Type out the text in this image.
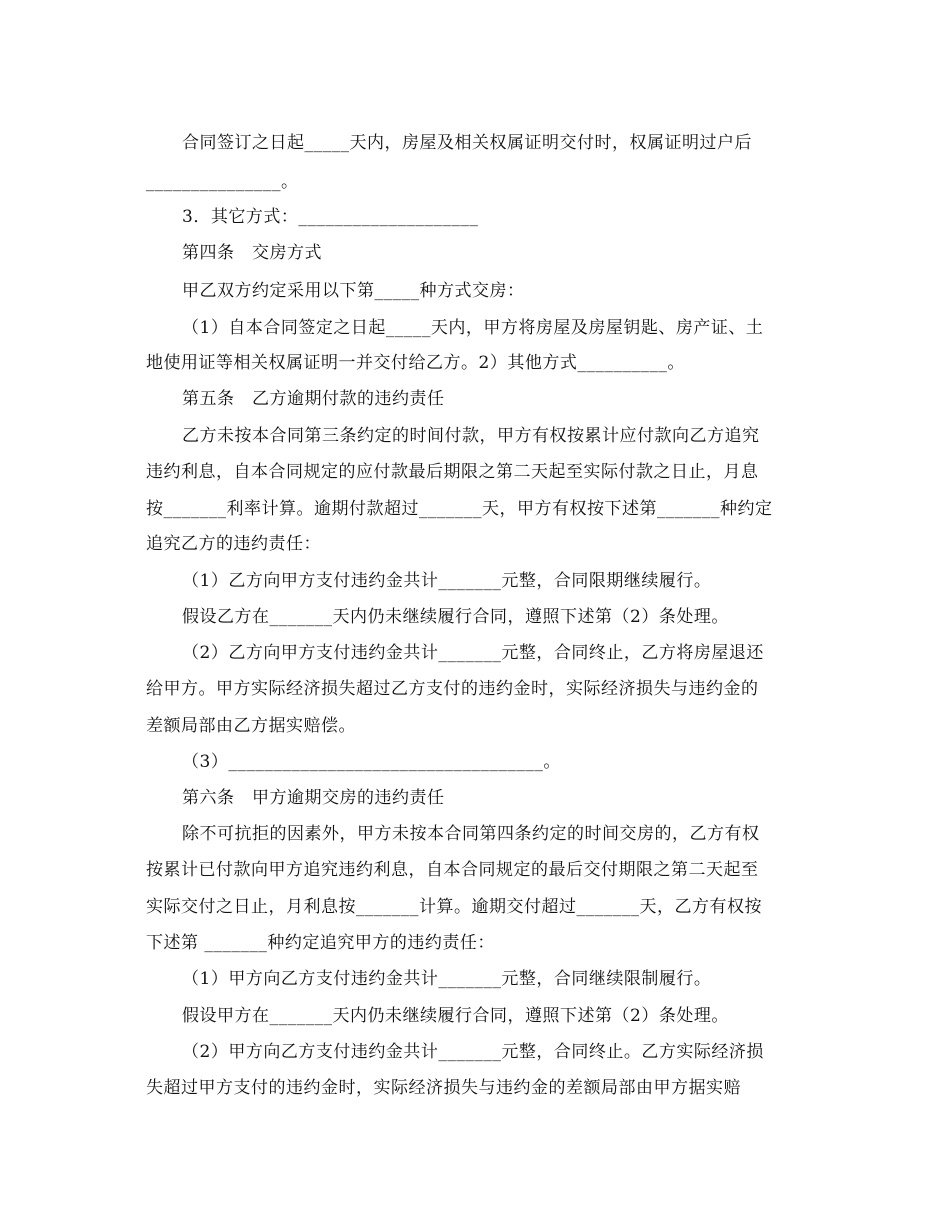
合同签订之日起_____天内，房屋及相关权属证明交付时，权属证明过户后
_______________。
3．其它方式：____________________
第四条　交房方式
甲乙双方约定采用以下第_____种方式交房：
（1）自本合同签定之日起_____天内，甲方将房屋及房屋钥匙、房产证、土
地使用证等相关权属证明一并交付给乙方。2）其他方式__________。
第五条　乙方逾期付款的违约责任
乙方未按本合同第三条约定的时间付款，甲方有权按累计应付款向乙方追究
违约利息，自本合同规定的应付款最后期限之第二天起至实际付款之日止，月息
按_______利率计算。逾期付款超过_______天，甲方有权按下述第_______种约定
追究乙方的违约责任：
（1）乙方向甲方支付违约金共计_______元整，合同限期继续履行。
假设乙方在_______天内仍未继续履行合同，遵照下述第（2）条处理。
（2）乙方向甲方支付违约金共计_______元整，合同终止，乙方将房屋退还
给甲方。甲方实际经济损失超过乙方支付的违约金时，实际经济损失与违约金的
差额局部由乙方据实赔偿。
（3）___________________________________。
第六条　甲方逾期交房的违约责任
除不可抗拒的因素外，甲方未按本合同第四条约定的时间交房的，乙方有权
按累计已付款向甲方追究违约利息，自本合同规定的最后交付期限之第二天起至
实际交付之日止，月利息按_______计算。逾期交付超过_______天，乙方有权按
下述第 _______种约定追究甲方的违约责任：
（1）甲方向乙方支付违约金共计_______元整，合同继续限制履行。
假设甲方在_______天内仍未继续履行合同，遵照下述第（2）条处理。
（2）甲方向乙方支付违约金共计_______元整，合同终止。乙方实际经济损
失超过甲方支付的违约金时，实际经济损失与违约金的差额局部由甲方据实赔
